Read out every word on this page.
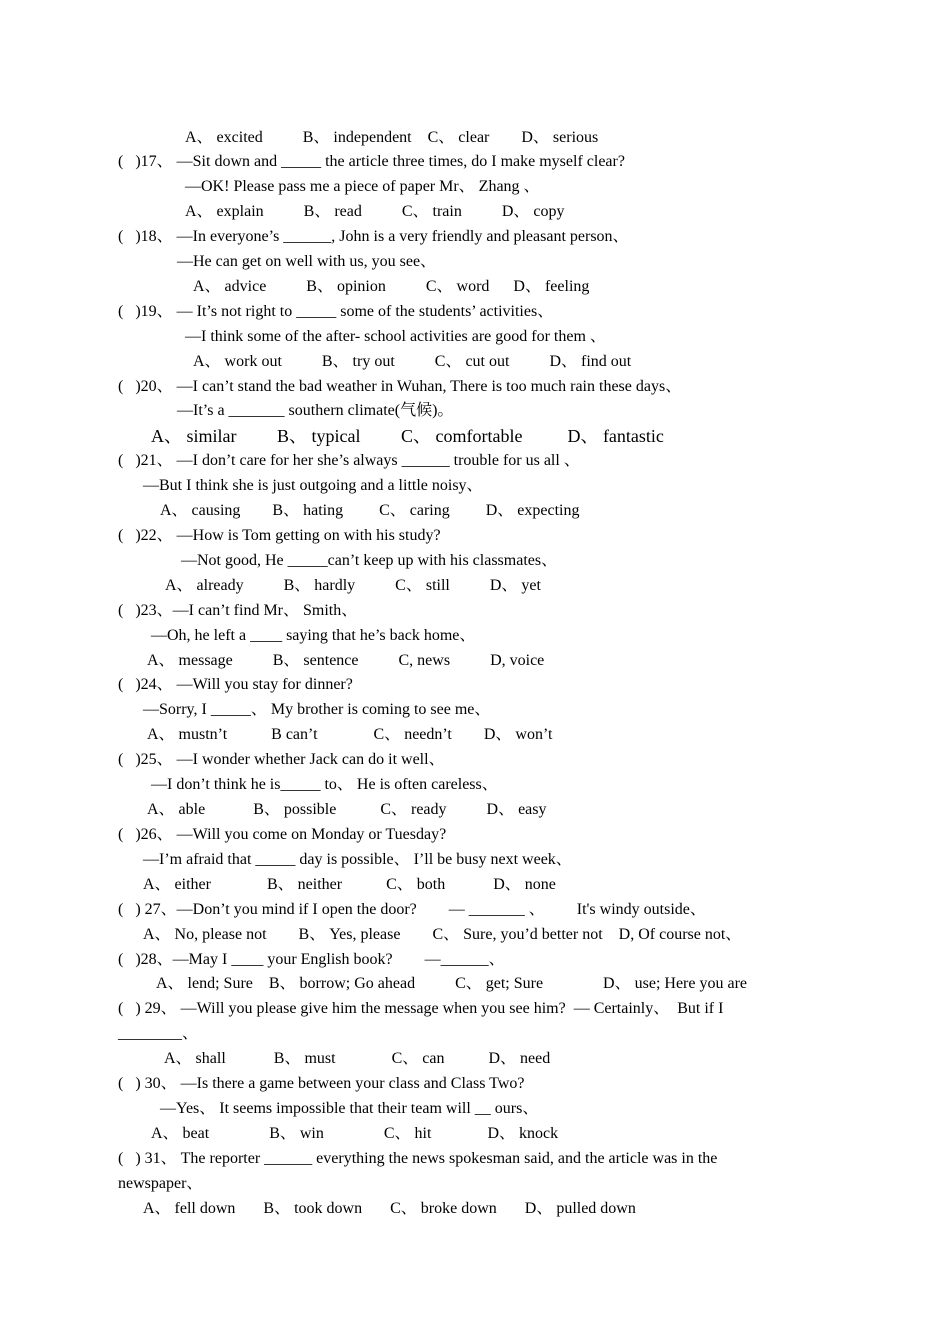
A、 excited          B、 independent    C、 clear        D、 serious
(   )17、 —Sit down and _____ the article three times, do I make myself clear?
—OK! Please pass me a piece of paper Mr、 Zhang 、
A、 explain          B、 read          C、 train          D、 copy
(   )18、 —In everyone’s ______, John is a very friendly and pleasant person、
—He can get on well with us, you see、
A、 advice          B、 opinion          C、 word      D、 feeling
(   )19、 — It’s not right to _____ some of the students’ activities、
—I think some of the after- school activities are good for them 、
A、 work out          B、 try out          C、 cut out          D、 find out
(   )20、 —I can’t stand the bad weather in Wuhan, There is too much rain these days、
—It’s a _______ southern climate(气候)。
A、 similar         B、 typical         C、 comfortable          D、 fantastic
(   )21、 —I don’t care for her she’s always ______ trouble for us all 、
—But I think she is just outgoing and a little noisy、
A、 causing        B、 hating         C、 caring         D、 expecting
(   )22、 —How is Tom getting on with his study?
—Not good, He _____can’t keep up with his classmates、
A、 already          B、 hardly          C、 still          D、 yet
(   )23、—I can’t find Mr、 Smith、
—Oh, he left a ____ saying that he’s back home、
A、 message          B、 sentence          C, news          D, voice
(   )24、 —Will you stay for dinner?
—Sorry, I _____、 My brother is coming to see me、
A、 mustn’t           B can’t              C、 needn’t        D、 won’t
(   )25、 —I wonder whether Jack can do it well、
—I don’t think he is_____ to、 He is often careless、
A、 able            B、 possible           C、 ready          D、 easy
(   )26、 —Will you come on Monday or Tuesday?
—I’m afraid that _____ day is possible、 I’ll be busy next week、
A、 either              B、 neither           C、 both            D、 none
(   ) 27、—Don’t you mind if I open the door?        — _______ 、        It's windy outside、
A、 No, please not        B、 Yes, please        C、 Sure, you’d better not    D, Of course not、
(   )28、—May I ____ your English book?        —______、
A、 lend; Sure    B、 borrow; Go ahead          C、 get; Sure               D、 use; Here you are
(   ) 29、 —Will you please give him the message when you see him?  — Certainly、  But if I
________、
A、 shall            B、 must              C、 can           D、 need
(   ) 30、 —Is there a game between your class and Class Two?
—Yes、 It seems impossible that their team will __ ours、
A、 beat               B、 win               C、 hit              D、 knock
(   ) 31、 The reporter ______ everything the news spokesman said, and the article was in the
newspaper、
A、 fell down       B、 took down       C、 broke down       D、 pulled down
